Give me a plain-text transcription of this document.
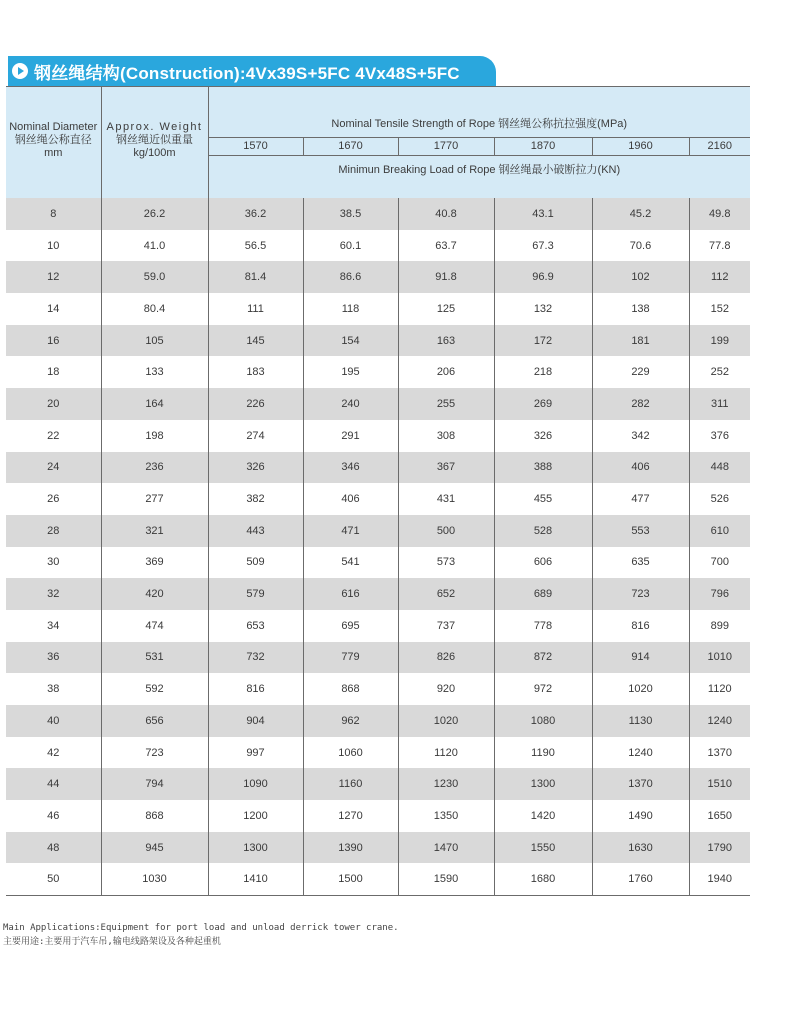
钢丝绳结构(Construction):4Vx39S+5FC 4Vx48S+5FC
Nominal Diameter
钢丝绳公称直径
mm	Approx. Weight
钢丝绳近似重量
kg/100m	Nominal Tensile Strength of Rope 钢丝绳公称抗拉强度(MPa)					
		1570	1670	1770	1870	1960	2160
		Minimun Breaking Load of Rope 钢丝绳最小破断拉力(KN)					
8	26.2	36.2	38.5	40.8	43.1	45.2	49.8
10	41.0	56.5	60.1	63.7	67.3	70.6	77.8
12	59.0	81.4	86.6	91.8	96.9	102	112
14	80.4	111	118	125	132	138	152
16	105	145	154	163	172	181	199
18	133	183	195	206	218	229	252
20	164	226	240	255	269	282	311
22	198	274	291	308	326	342	376
24	236	326	346	367	388	406	448
26	277	382	406	431	455	477	526
28	321	443	471	500	528	553	610
30	369	509	541	573	606	635	700
32	420	579	616	652	689	723	796
34	474	653	695	737	778	816	899
36	531	732	779	826	872	914	1010
38	592	816	868	920	972	1020	1120
40	656	904	962	1020	1080	1130	1240
42	723	997	1060	1120	1190	1240	1370
44	794	1090	1160	1230	1300	1370	1510
46	868	1200	1270	1350	1420	1490	1650
48	945	1300	1390	1470	1550	1630	1790
50	1030	1410	1500	1590	1680	1760	1940
Main Applications:Equipment for port load and unload derrick tower crane.
主要用途:主要用于汽车吊,输电线路架设及各种起重机
